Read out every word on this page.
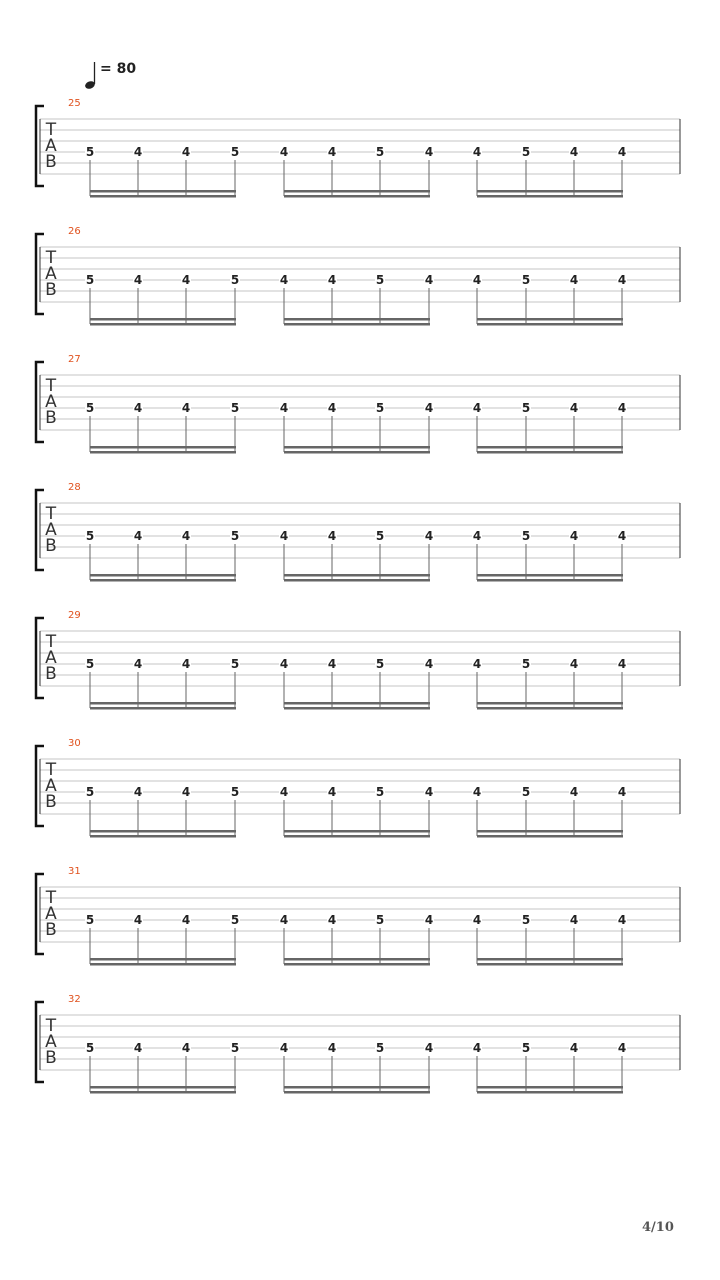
= 80
25
T
A
B 5	4	4	5	4	4	5	4	4	5	4	4
26
T
A
B 5	4	4	5	4	4	5	4	4	5	4	4
27
T
A
B 5	4	4	5	4	4	5	4	4	5	4	4
28
T
A
B 5	4	4	5	4	4	5	4	4	5	4	4
29
T
A
B 5	4	4	5	4	4	5	4	4	5	4	4
30
T
A
B 5	4	4	5	4	4	5	4	4	5	4	4
31
T
A
B 5	4	4	5	4	4	5	4	4	5	4	4
32
T
A
B 5	4	4	5	4	4	5	4	4	5	4	4
4/10
